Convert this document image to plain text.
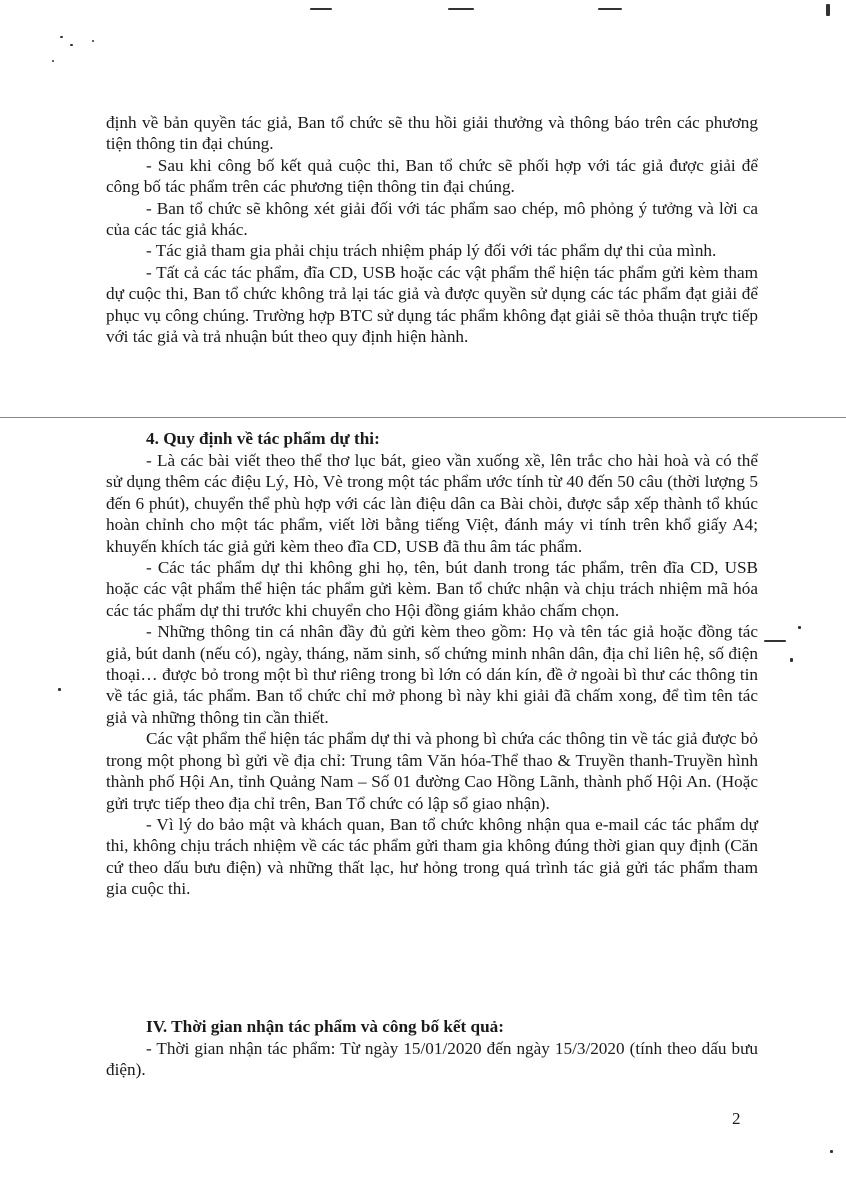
định về bản quyền tác giả, Ban tổ chức sẽ thu hồi giải thưởng và thông báo trên các phương tiện thông tin đại chúng.

- Sau khi công bố kết quả cuộc thi, Ban tổ chức sẽ phối hợp với tác giả được giải để công bố tác phẩm trên các phương tiện thông tin đại chúng.

- Ban tổ chức sẽ không xét giải đối với tác phẩm sao chép, mô phỏng ý tưởng và lời ca của các tác giả khác.

- Tác giả tham gia phải chịu trách nhiệm pháp lý đối với tác phẩm dự thi của mình.

- Tất cả các tác phẩm, đĩa CD, USB hoặc các vật phẩm thể hiện tác phẩm gửi kèm tham dự cuộc thi, Ban tổ chức không trả lại tác giả và được quyền sử dụng các tác phẩm đạt giải để phục vụ công chúng. Trường hợp BTC sử dụng tác phẩm không đạt giải sẽ thỏa thuận trực tiếp với tác giả và trả nhuận bút theo quy định hiện hành.

4. Quy định về tác phẩm dự thi:

- Là các bài viết theo thể thơ lục bát, gieo vần xuống xề, lên trắc cho hài hoà và có thể sử dụng thêm các điệu Lý, Hò, Vè trong một tác phẩm ước tính từ 40 đến 50 câu (thời lượng 5 đến 6 phút), chuyển thể phù hợp với các làn điệu dân ca Bài chòi, được sắp xếp thành tổ khúc hoàn chỉnh cho một tác phẩm, viết lời bằng tiếng Việt, đánh máy vi tính trên khổ giấy A4; khuyến khích tác giả gửi kèm theo đĩa CD, USB đã thu âm tác phẩm.

- Các tác phẩm dự thi không ghi họ, tên, bút danh trong tác phẩm, trên đĩa CD, USB hoặc các vật phẩm thể hiện tác phẩm gửi kèm. Ban tổ chức nhận và chịu trách nhiệm mã hóa các tác phẩm dự thi trước khi chuyển cho Hội đồng giám khảo chấm chọn.

- Những thông tin cá nhân đầy đủ gửi kèm theo gồm: Họ và tên tác giả hoặc đồng tác giả, bút danh (nếu có), ngày, tháng, năm sinh, số chứng minh nhân dân, địa chỉ liên hệ, số điện thoại… được bỏ trong một bì thư riêng trong bì lớn có dán kín, đề ở ngoài bì thư các thông tin về tác giả, tác phẩm. Ban tổ chức chỉ mở phong bì này khi giải đã chấm xong, để tìm tên tác giả và những thông tin cần thiết.

Các vật phẩm thể hiện tác phẩm dự thi và phong bì chứa các thông tin về tác giả được bỏ trong một phong bì gửi về địa chỉ: Trung tâm Văn hóa-Thể thao & Truyền thanh-Truyền hình thành phố Hội An, tỉnh Quảng Nam – Số 01 đường Cao Hồng Lãnh, thành phố Hội An. (Hoặc gửi trực tiếp theo địa chỉ trên, Ban Tổ chức có lập sổ giao nhận).

- Vì lý do bảo mật và khách quan, Ban tổ chức không nhận qua e-mail các tác phẩm dự thi, không chịu trách nhiệm về các tác phẩm gửi tham gia không đúng thời gian quy định (Căn cứ theo dấu bưu điện) và những thất lạc, hư hỏng trong quá trình tác giả gửi tác phẩm tham gia cuộc thi.

IV. Thời gian nhận tác phẩm và công bố kết quả:

- Thời gian nhận tác phẩm: Từ ngày 15/01/2020 đến ngày 15/3/2020 (tính theo dấu bưu điện).

2
